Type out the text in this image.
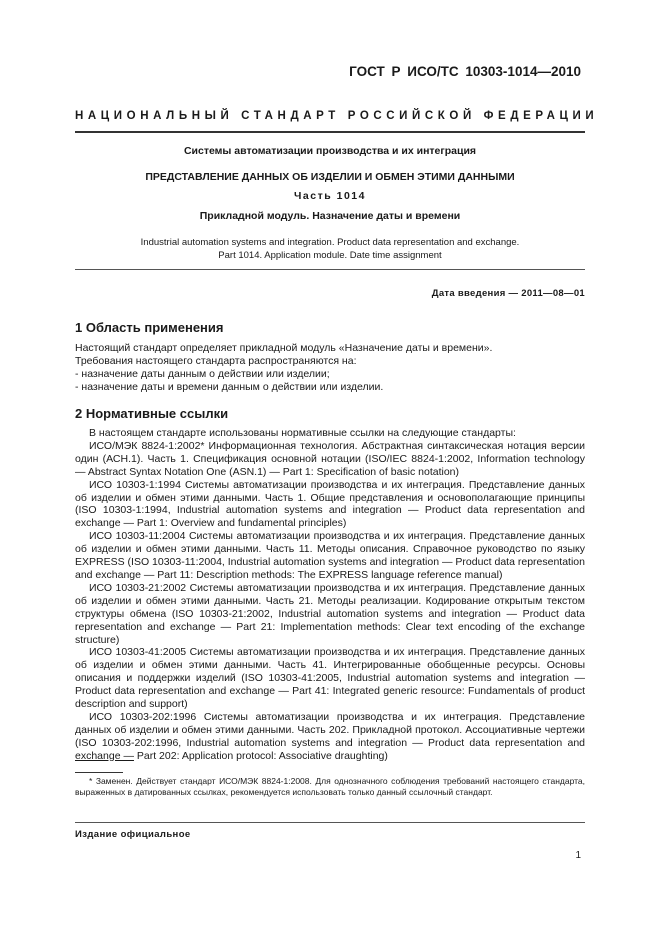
ГОСТ Р ИСО/ТС 10303-1014—2010
НАЦИОНАЛЬНЫЙ СТАНДАРТ РОССИЙСКОЙ ФЕДЕРАЦИИ
Системы автоматизации производства и их интеграция
ПРЕДСТАВЛЕНИЕ ДАННЫХ ОБ ИЗДЕЛИИ И ОБМЕН ЭТИМИ ДАННЫМИ
Часть 1014
Прикладной модуль. Назначение даты и времени
Industrial automation systems and integration. Product data representation and exchange.
Part 1014. Application module. Date time assignment
Дата введения — 2011—08—01
1 Область применения

Настоящий стандарт определяет прикладной модуль «Назначение даты и времени».

Требования настоящего стандарта распространяются на:

- назначение даты данным о действии или изделии;

- назначение даты и времени данным о действии или изделии.

2 Нормативные ссылки

В настоящем стандарте использованы нормативные ссылки на следующие стандарты:

ИСО/МЭК 8824-1:2002* Информационная технология. Абстрактная синтаксическая нотация версии один (АСН.1). Часть 1. Спецификация основной нотации (ISO/IEC 8824-1:2002, Information technology — Abstract Syntax Notation One (ASN.1) — Part 1: Specification of basic notation)

ИСО 10303-1:1994 Системы автоматизации производства и их интеграция. Представление данных об изделии и обмен этими данными. Часть 1. Общие представления и основополагающие принципы (ISO 10303-1:1994, Industrial automation systems and integration — Product data representation and exchange — Part 1: Overview and fundamental principles)

ИСО 10303-11:2004 Системы автоматизации производства и их интеграция. Представление данных об изделии и обмен этими данными. Часть 11. Методы описания. Справочное руководство по языку EXPRESS (ISO 10303-11:2004, Industrial automation systems and integration — Product data representation and exchange — Part 11: Description methods: The EXPRESS language reference manual)

ИСО 10303-21:2002 Системы автоматизации производства и их интеграция. Представление данных об изделии и обмен этими данными. Часть 21. Методы реализации. Кодирование открытым текстом структуры обмена (ISO 10303-21:2002, Industrial automation systems and integration — Product data representation and exchange — Part 21: Implementation methods: Clear text encoding of the exchange structure)

ИСО 10303-41:2005 Системы автоматизации производства и их интеграция. Представление данных об изделии и обмен этими данными. Часть 41. Интегрированные обобщенные ресурсы. Основы описания и поддержки изделий (ISO 10303-41:2005, Industrial automation systems and integration — Product data representation and exchange — Part 41: Integrated generic resource: Fundamentals of product description and support)

ИСО 10303-202:1996 Системы автоматизации производства и их интеграция. Представление данных об изделии и обмен этими данными. Часть 202. Прикладной протокол. Ассоциативные чертежи (ISO 10303-202:1996, Industrial automation systems and integration — Product data representation and exchange — Part 202: Application protocol: Associative draughting)

* Заменен. Действует стандарт ИСО/МЭК 8824-1:2008. Для однозначного соблюдения требований настоящего стандарта, выраженных в датированных ссылках, рекомендуется использовать только данный ссылочный стандарт.
Издание официальное
1
